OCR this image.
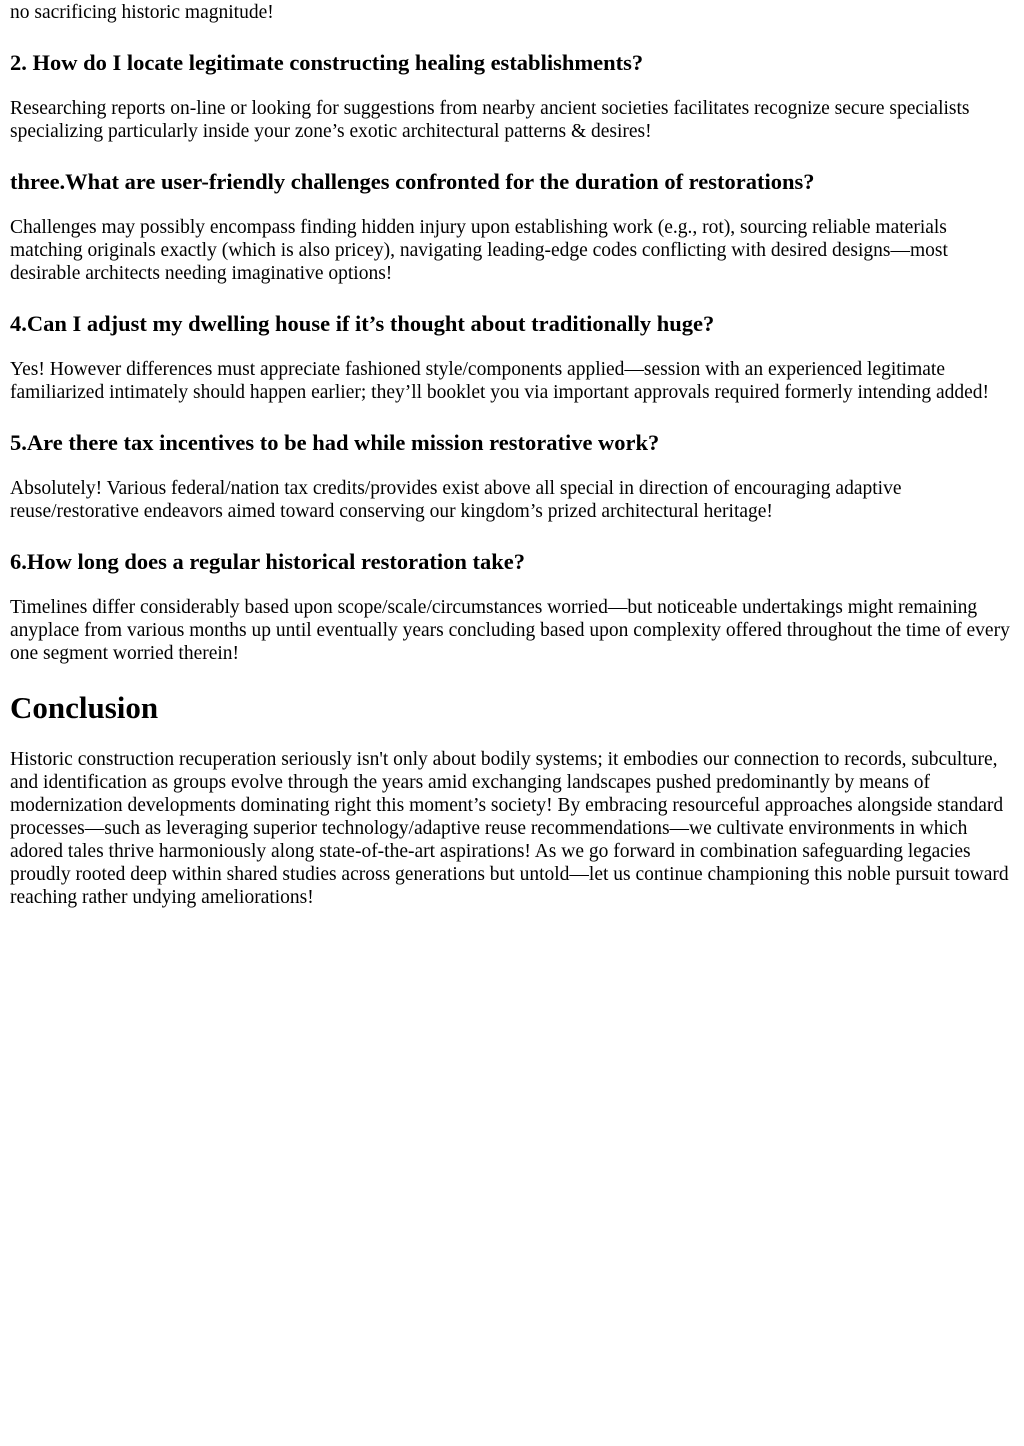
no sacrificing historic magnitude!

2. How do I locate legitimate constructing healing establishments?

Researching reports on-line or looking for suggestions from nearby ancient societies facilitates recognize secure specialists specializing particularly inside your zone’s exotic architectural patterns & desires!

three.What are user-friendly challenges confronted for the duration of restorations?

Challenges may possibly encompass finding hidden injury upon establishing work (e.g., rot), sourcing reliable materials matching originals exactly (which is also pricey), navigating leading-edge codes conflicting with desired designs—most desirable architects needing imaginative options!

4.Can I adjust my dwelling house if it’s thought about traditionally huge?

Yes! However differences must appreciate fashioned style/components applied—session with an experienced legitimate familiarized intimately should happen earlier; they’ll booklet you via important approvals required formerly intending added!

5.Are there tax incentives to be had while mission restorative work?

Absolutely! Various federal/nation tax credits/provides exist above all special in direction of encouraging adaptive reuse/restorative endeavors aimed toward conserving our kingdom’s prized architectural heritage!

6.How long does a regular historical restoration take?

Timelines differ considerably based upon scope/scale/circumstances worried—but noticeable undertakings might remaining anyplace from various months up until eventually years concluding based upon complexity offered throughout the time of every one segment worried therein!

Conclusion

Historic construction recuperation seriously isn't only about bodily systems; it embodies our connection to records, subculture, and identification as groups evolve through the years amid exchanging landscapes pushed predominantly by means of modernization developments dominating right this moment’s society! By embracing resourceful approaches alongside standard processes—such as leveraging superior technology/adaptive reuse recommendations—we cultivate environments in which adored tales thrive harmoniously along state-of-the-art aspirations! As we go forward in combination safeguarding legacies proudly rooted deep within shared studies across generations but untold—let us continue championing this noble pursuit toward reaching rather undying ameliorations!
